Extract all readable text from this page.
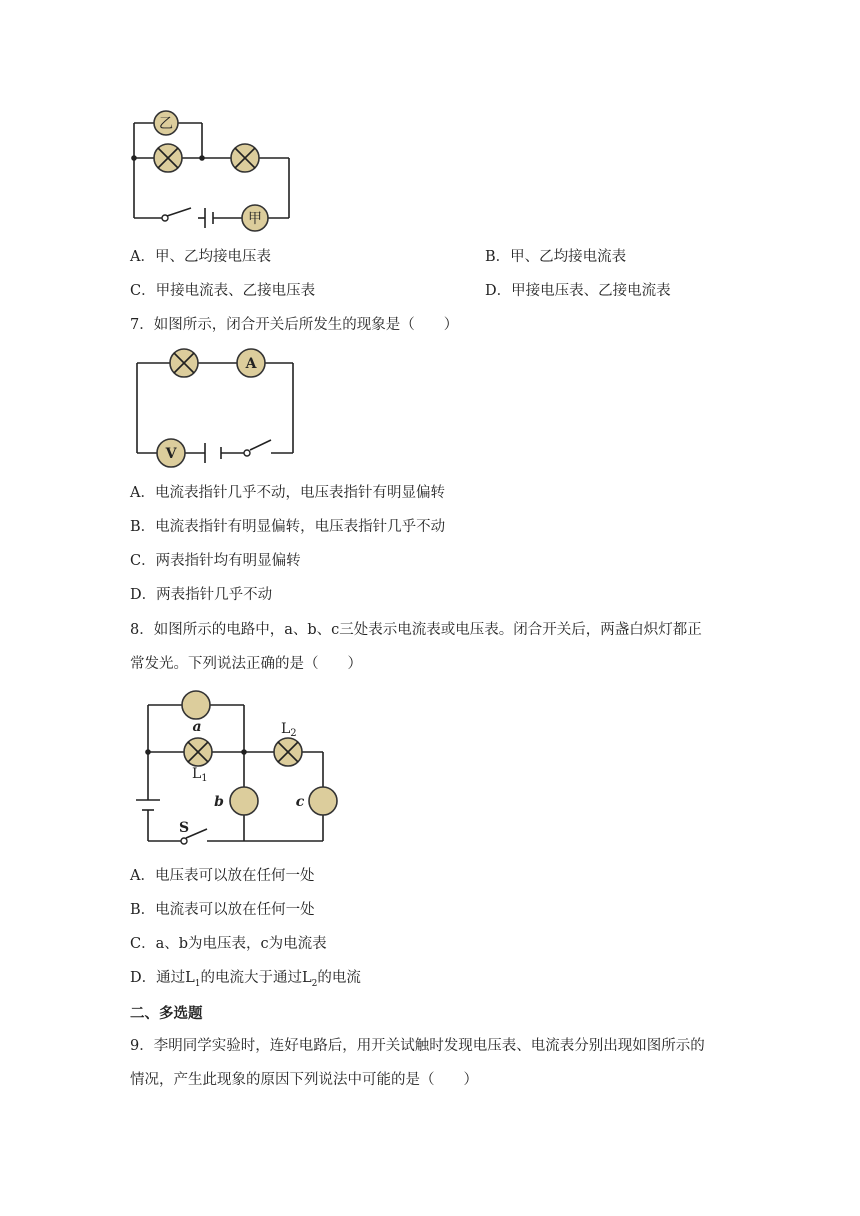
乙
甲
A．甲、乙均接电压表	B．甲、乙均接电流表
C．甲接电流表、乙接电压表	D．甲接电压表、乙接电流表
7．如图所示，闭合开关后所发生的现象是（　　）
A
V
A．电流表指针几乎不动，电压表指针有明显偏转
B．电流表指针有明显偏转，电压表指针几乎不动
C．两表指针均有明显偏转
D．两表指针几乎不动
8．如图所示的电路中，a、b、c三处表示电流表或电压表。闭合开关后，两盏白炽灯都正
常发光。下列说法正确的是（　　）
a
$L_1$
$L_2$
b	c
S
A．电压表可以放在任何一处
B．电流表可以放在任何一处
C．a、b为电压表，c为电流表
D．通过$L_1$的电流大于通过$L_2$的电流
二、多选题
9．李明同学实验时，连好电路后，用开关试触时发现电压表、电流表分别出现如图所示的
情况，产生此现象的原因下列说法中可能的是（　　）
